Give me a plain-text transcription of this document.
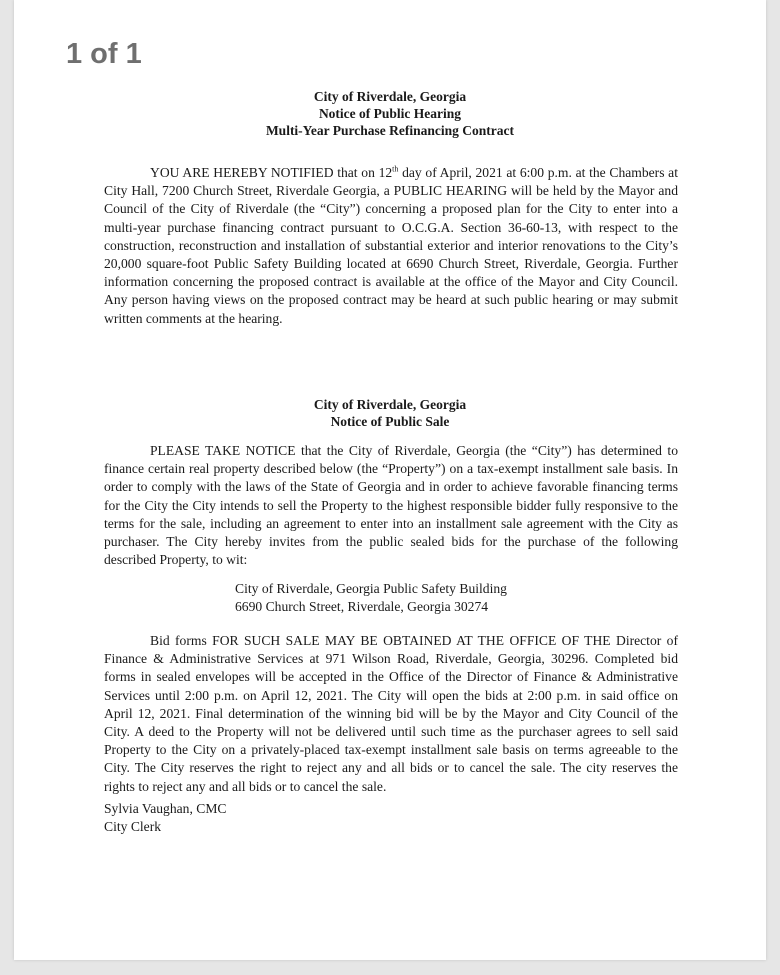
1 of 1
City of Riverdale, Georgia
Notice of Public Hearing
Multi-Year Purchase Refinancing Contract

YOU ARE HEREBY NOTIFIED that on 12th day of April, 2021 at 6:00 p.m. at the Chambers at City Hall, 7200 Church Street, Riverdale Georgia, a PUBLIC HEARING will be held by the Mayor and Council of the City of Riverdale (the “City”) concerning a proposed plan for the City to enter into a multi-year purchase financing contract pursuant to O.C.G.A. Section 36-60-13, with respect to the construction, reconstruction and installation of substantial exterior and interior renovations to the City’s 20,000 square-foot Public Safety Building located at 6690 Church Street, Riverdale, Georgia. Further information concerning the proposed contract is available at the office of the Mayor and City Council. Any person having views on the proposed contract may be heard at such public hearing or may submit written comments at the hearing.

City of Riverdale, Georgia
Notice of Public Sale

PLEASE TAKE NOTICE that the City of Riverdale, Georgia (the “City”) has determined to finance certain real property described below (the “Property”) on a tax-exempt installment sale basis. In order to comply with the laws of the State of Georgia and in order to achieve favorable financing terms for the City the City intends to sell the Property to the highest responsible bidder fully responsive to the terms for the sale, including an agreement to enter into an installment sale agreement with the City as purchaser. The City hereby invites from the public sealed bids for the purchase of the following described Property, to wit:

City of Riverdale, Georgia Public Safety Building
6690 Church Street, Riverdale, Georgia 30274

Bid forms FOR SUCH SALE MAY BE OBTAINED AT THE OFFICE OF THE Director of Finance & Administrative Services at 971 Wilson Road, Riverdale, Georgia, 30296. Completed bid forms in sealed envelopes will be accepted in the Office of the Director of Finance & Administrative Services until 2:00 p.m. on April 12, 2021. The City will open the bids at 2:00 p.m. in said office on April 12, 2021. Final determination of the winning bid will be by the Mayor and City Council of the City. A deed to the Property will not be delivered until such time as the purchaser agrees to sell said Property to the City on a privately-placed tax-exempt installment sale basis on terms agreeable to the City. The City reserves the right to reject any and all bids or to cancel the sale. The city reserves the rights to reject any and all bids or to cancel the sale.

Sylvia Vaughan, CMC
City Clerk
